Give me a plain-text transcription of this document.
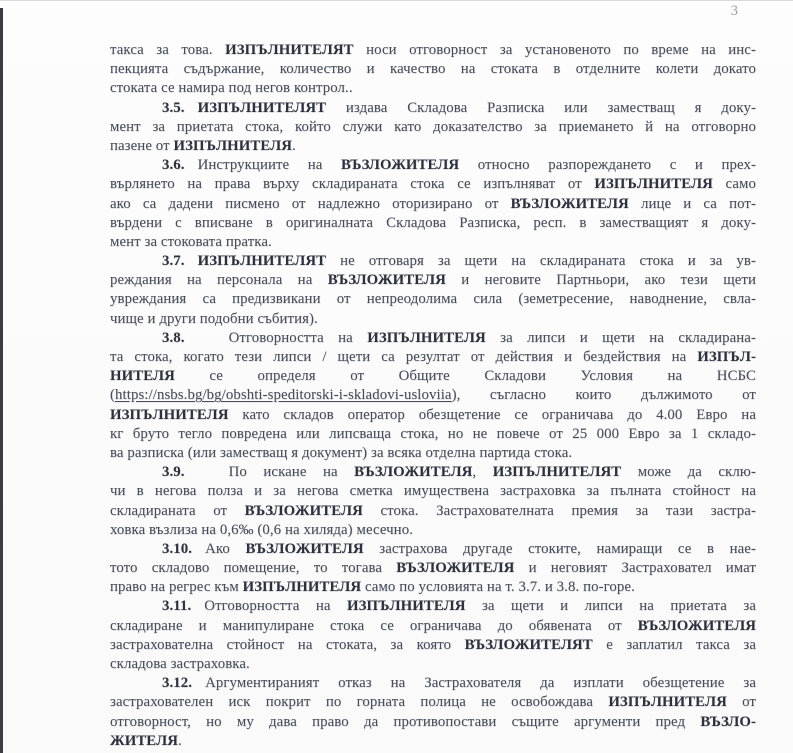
3
такса за това. ИЗПЪЛНИТЕЛЯТ носи отговорност за установеното по време на инс-
пекцията съдържание, количество и качество на стоката в отделните колети докато
стоката се намира под негов контрол..
3.5. ИЗПЪЛНИТЕЛЯТ издава Складова Разписка или заместващ я доку-
мент за приетата стока, който служи като доказателство за приемането й на отговорно
пазене от ИЗПЪЛНИТЕЛЯ.
3.6. Инструкциите на ВЪЗЛОЖИТЕЛЯ относно разпореждането с и прех-
върлянето на права върху складираната стока се изпълняват от ИЗПЪЛНИТЕЛЯ само
ако са дадени писмено от надлежно оторизирано от ВЪЗЛОЖИТЕЛЯ лице и са пот-
върдени с вписване в оригиналната Складова Разписка, респ. в заместващият я доку-
мент за стоковата пратка.
3.7. ИЗПЪЛНИТЕЛЯТ не отговаря за щети на складираната стока и за ув-
реждания на персонала на ВЪЗЛОЖИТЕЛЯ и неговите Партньори, ако тези щети
увреждания са предизвикани от непреодолима сила (земетресение, наводнение, свла-
чище и други подобни събития).
3.8.	Отговорността на ИЗПЪЛНИТЕЛЯ за липси и щети на складирана-
та стока, когато тези липси / щети са резултат от действия и бездействия на ИЗПЪЛ-
НИТЕЛЯ се определя от Общите Складови Условия на НСБС
(https://nsbs.bg/bg/obshti-speditorski-i-skladovi-usloviia), съгласно които дължимото от
ИЗПЪЛНИТЕЛЯ като складов оператор обезщетение се ограничава до 4.00 Евро на
кг бруто тегло повредена или липсваща стока, но не повече от 25 000 Евро за 1 складо-
ва разписка (или заместващ я документ) за всяка отделна партида стока.
3.9.	По искане на ВЪЗЛОЖИТЕЛЯ, ИЗПЪЛНИТЕЛЯТ може да склю-
чи в негова полза и за негова сметка имуществена застраховка за пълната стойност на
складираната от ВЪЗЛОЖИТЕЛЯ стока. Застрахователната премия за тази застра-
ховка възлиза на 0,6‰ (0,6 на хиляда) месечно.
3.10. Ако ВЪЗЛОЖИТЕЛЯ застрахова другаде стоките, намиращи се в нае-
тото складово помещение, то тогава ВЪЗЛОЖИТЕЛЯ и неговият Застраховател имат
право на регрес към ИЗПЪЛНИТЕЛЯ само по условията на т. 3.7. и 3.8. по-горе.
3.11. Отговорността на ИЗПЪЛНИТЕЛЯ за щети и липси на приетата за
складиране и манипулиране стока се ограничава до обявената от ВЪЗЛОЖИТЕЛЯ
застрахователна стойност на стоката, за която ВЪЗЛОЖИТЕЛЯТ е заплатил такса за
складова застраховка.
3.12. Аргументираният отказ на Застрахователя да изплати обезщетение за
застрахователен иск покрит по горната полица не освобождава ИЗПЪЛНИТЕЛЯ от
отговорност, но му дава право да противопостави същите аргументи пред ВЪЗЛО-
ЖИТЕЛЯ.
